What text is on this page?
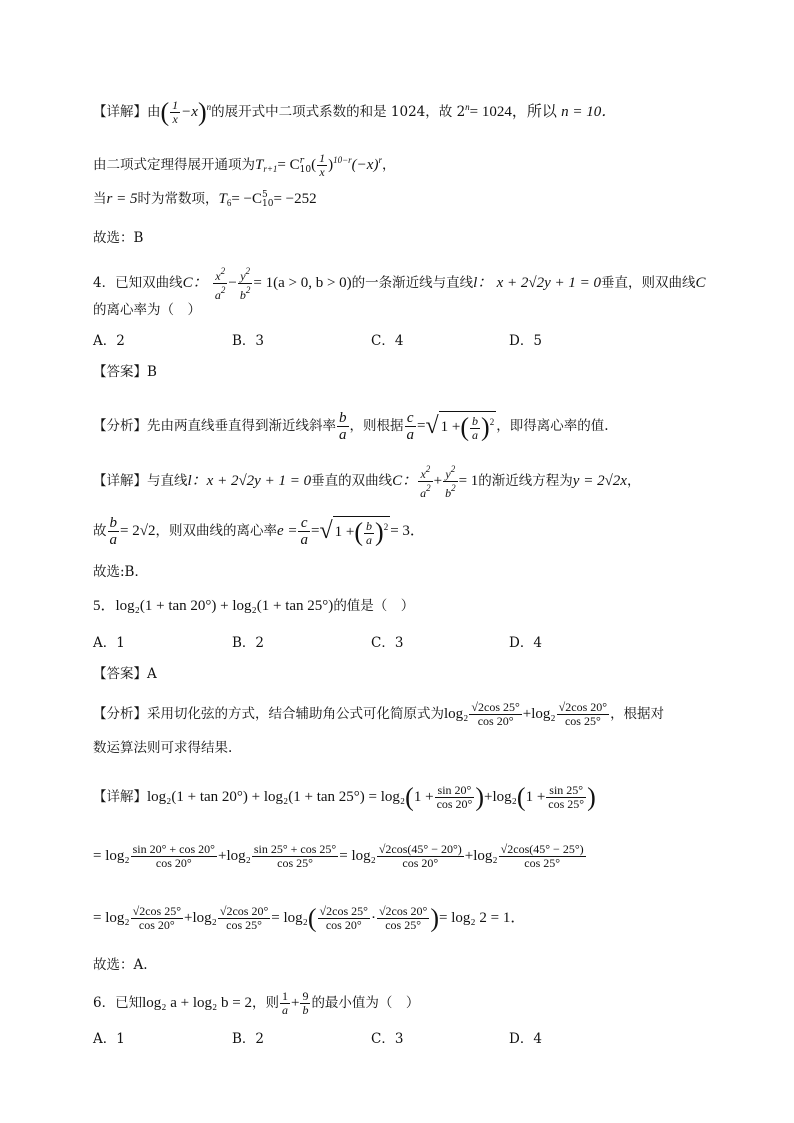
【详解】由( $\frac{1}{x} -x)^n$的展开式中二项式系数的和是 1024，故 $2^n= 1024$，所以 n = 10．
由二项式定理得展开通项为$T_{r+1}= C$ r
10 ( $\frac{1}{x} )^{10-r}(-x)^r$，
当r = 5时为常数项，$T_6= -C$ 5
10 = −252
故选：B
4．已知双曲线C： $\frac{x^2}{a^2} - \frac{y^2}{b^2} = 1(a > 0$, b > 0)的一条渐近线与直线l： x + 2√2y + 1 = 0垂直，则双曲线C
的离心率为（　）
A．2	B．3	C．4	D．5
【答案】B
【分析】先由两直线垂直得到渐近线斜率 $\frac{b}{a}$ ，则根据 $\frac{c}{a}$ =√ 1 +( $\frac{b}{a} )^2$ ，即得离心率的值.
【详解】与直线l：x + 2√2y + 1 = 0垂直的双曲线C： $\frac{x^2}{a^2} + \frac{y^2}{b^2} = 1$的渐近线方程为y = 2√2x，
故 $\frac{b}{a} = 2√2$，则双曲线的离心率$e = \frac{c}{a}$ =√ 1 +( $\frac{b}{a} )^2 = 3$．
故选:B．
5．log₂(1 + tan 20°) + log₂(1 + tan 25°)的值是（　）
A．1	B．2	C．3	D．4
【答案】A
【分析】采用切化弦的方式，结合辅助角公式可化简原式为$\log_2 \frac{√2\cos 25^\circ}{\cos 20^\circ} +\log_2 \frac{√2\cos 20^\circ}{\cos 25^\circ}$ ，根据对
数运算法则可求得结果.
【详解】$\log_2(1 + \tan 20^\circ) + \log_2(1 + \tan 25^\circ) = \log_2(1 + \frac{\sin 20^\circ}{\cos 20^\circ} )+\log_2(1 + \frac{\sin 25^\circ}{\cos 25^\circ}$ )
= $\log_2 \frac{\sin 20^\circ + \cos 20^\circ}{\cos 20^\circ} +\log_2 \frac{\sin 25^\circ + \cos 25^\circ}{\cos 25^\circ} = \log_2 \frac{√2\cos(45^\circ - 20^\circ)}{\cos 20^\circ} +\log_2 \frac{√2\cos(45^\circ - 25^\circ)}{\cos 25^\circ}$
= $\log_2 \frac{√2\cos 25^\circ}{\cos 20^\circ} +\log_2 \frac{√2\cos 20^\circ}{\cos 25^\circ} = \log_2( \frac{√2\cos 25^\circ}{\cos 20^\circ} \cdot \frac{√2\cos 20^\circ}{\cos 25^\circ}$ )= log₂ 2 = 1．
故选：A.
6．已知log₂ a + log₂ b = 2，则 $\frac{1}{a} + \frac{9}{b}$ 的最小值为（　）
A．1	B．2	C．3	D．4
